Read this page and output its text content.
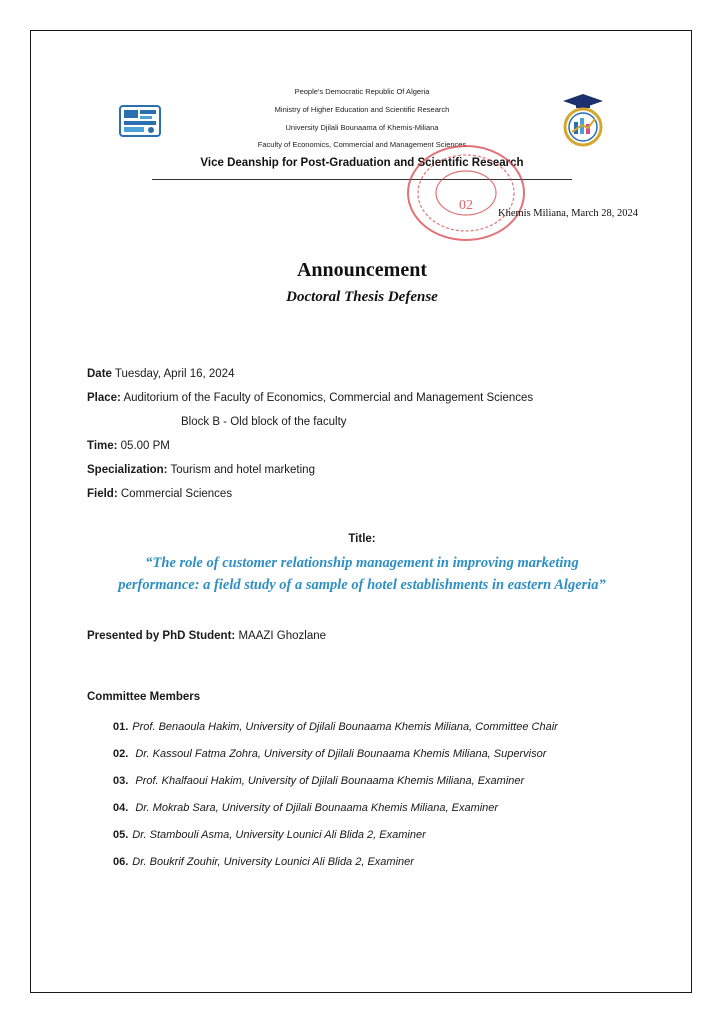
People's Democratic Republic Of Algeria
Ministry of Higher Education and Scientific Research
University Djilali Bounaama of Khemis-Miliana
Faculty of Economics, Commercial and Management Sciences
Vice Deanship for Post-Graduation and Scientific Research
02
Khemis Miliana, March 28, 2024
Announcement
Doctoral Thesis Defense
Date Tuesday, April 16, 2024
Place: Auditorium of the Faculty of Economics, Commercial and Management Sciences
Block B - Old block of the faculty
Time: 05.00 PM
Specialization: Tourism and hotel marketing
Field: Commercial Sciences
Title:
“The role of customer relationship management in improving marketing
performance: a field study of a sample of hotel establishments in eastern Algeria”
Presented by PhD Student: MAAZI Ghozlane
Committee Members
01. Prof. Benaoula Hakim, University of Djilali Bounaama Khemis Miliana, Committee Chair
02. Dr. Kassoul Fatma Zohra, University of Djilali Bounaama Khemis Miliana, Supervisor
03. Prof. Khalfaoui Hakim, University of Djilali Bounaama Khemis Miliana, Examiner
04. Dr. Mokrab Sara, University of Djilali Bounaama Khemis Miliana, Examiner
05. Dr. Stambouli Asma, University Lounici Ali Blida 2, Examiner
06. Dr. Boukrif Zouhir, University Lounici Ali Blida 2, Examiner
